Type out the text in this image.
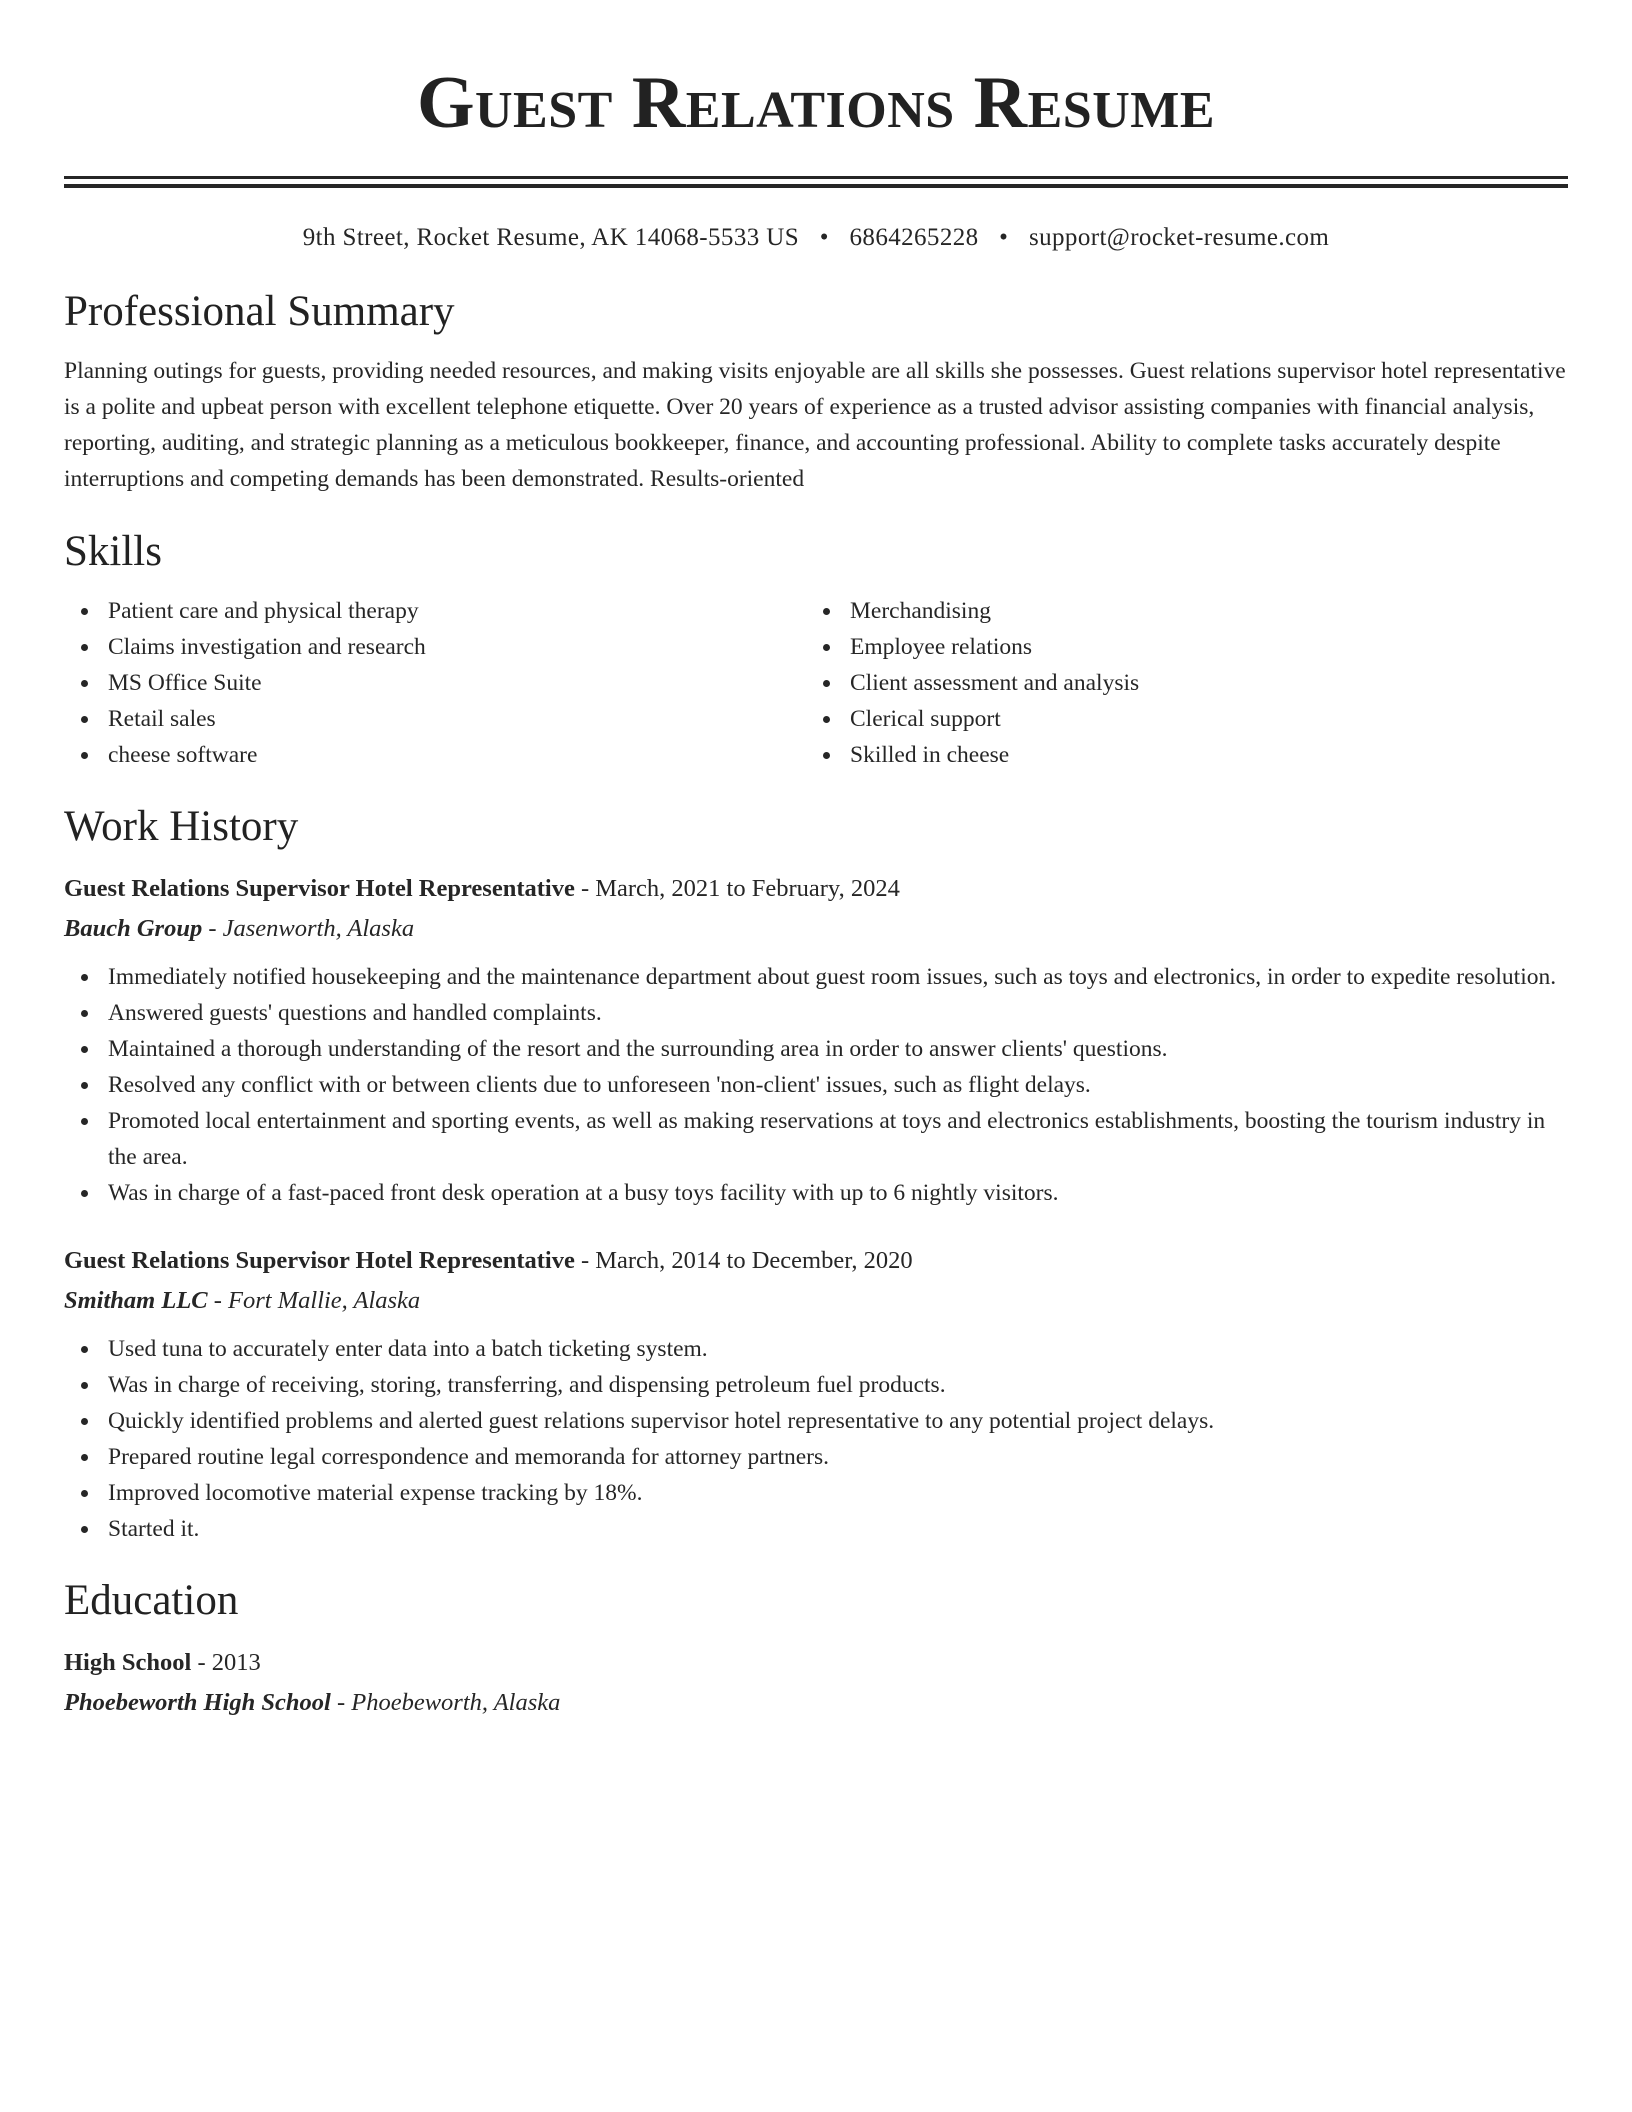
Guest Relations Resume
9th Street, Rocket Resume, AK 14068-5533 US • 6864265228 • support@rocket-resume.com
Professional Summary

Planning outings for guests, providing needed resources, and making visits enjoyable are all skills she possesses. Guest relations supervisor hotel representative is a polite and upbeat person with excellent telephone etiquette. Over 20 years of experience as a trusted advisor assisting companies with financial analysis, reporting, auditing, and strategic planning as a meticulous bookkeeper, finance, and accounting professional. Ability to complete tasks accurately despite interruptions and competing demands has been demonstrated. Results-oriented

Skills
Patient care and physical therapy
Claims investigation and research
MS Office Suite
Retail sales
cheese software
Merchandising
Employee relations
Client assessment and analysis
Clerical support
Skilled in cheese
Work History
Guest Relations Supervisor Hotel Representative - March, 2021 to February, 2024
Bauch Group - Jasenworth, Alaska
Immediately notified housekeeping and the maintenance department about guest room issues, such as toys and electronics, in order to expedite resolution.
Answered guests' questions and handled complaints.
Maintained a thorough understanding of the resort and the surrounding area in order to answer clients' questions.
Resolved any conflict with or between clients due to unforeseen 'non-client' issues, such as flight delays.
Promoted local entertainment and sporting events, as well as making reservations at toys and electronics establishments, boosting the tourism industry in the area.
Was in charge of a fast-paced front desk operation at a busy toys facility with up to 6 nightly visitors.
Guest Relations Supervisor Hotel Representative - March, 2014 to December, 2020
Smitham LLC - Fort Mallie, Alaska
Used tuna to accurately enter data into a batch ticketing system.
Was in charge of receiving, storing, transferring, and dispensing petroleum fuel products.
Quickly identified problems and alerted guest relations supervisor hotel representative to any potential project delays.
Prepared routine legal correspondence and memoranda for attorney partners.
Improved locomotive material expense tracking by 18%.
Started it.
Education
High School - 2013
Phoebeworth High School - Phoebeworth, Alaska
